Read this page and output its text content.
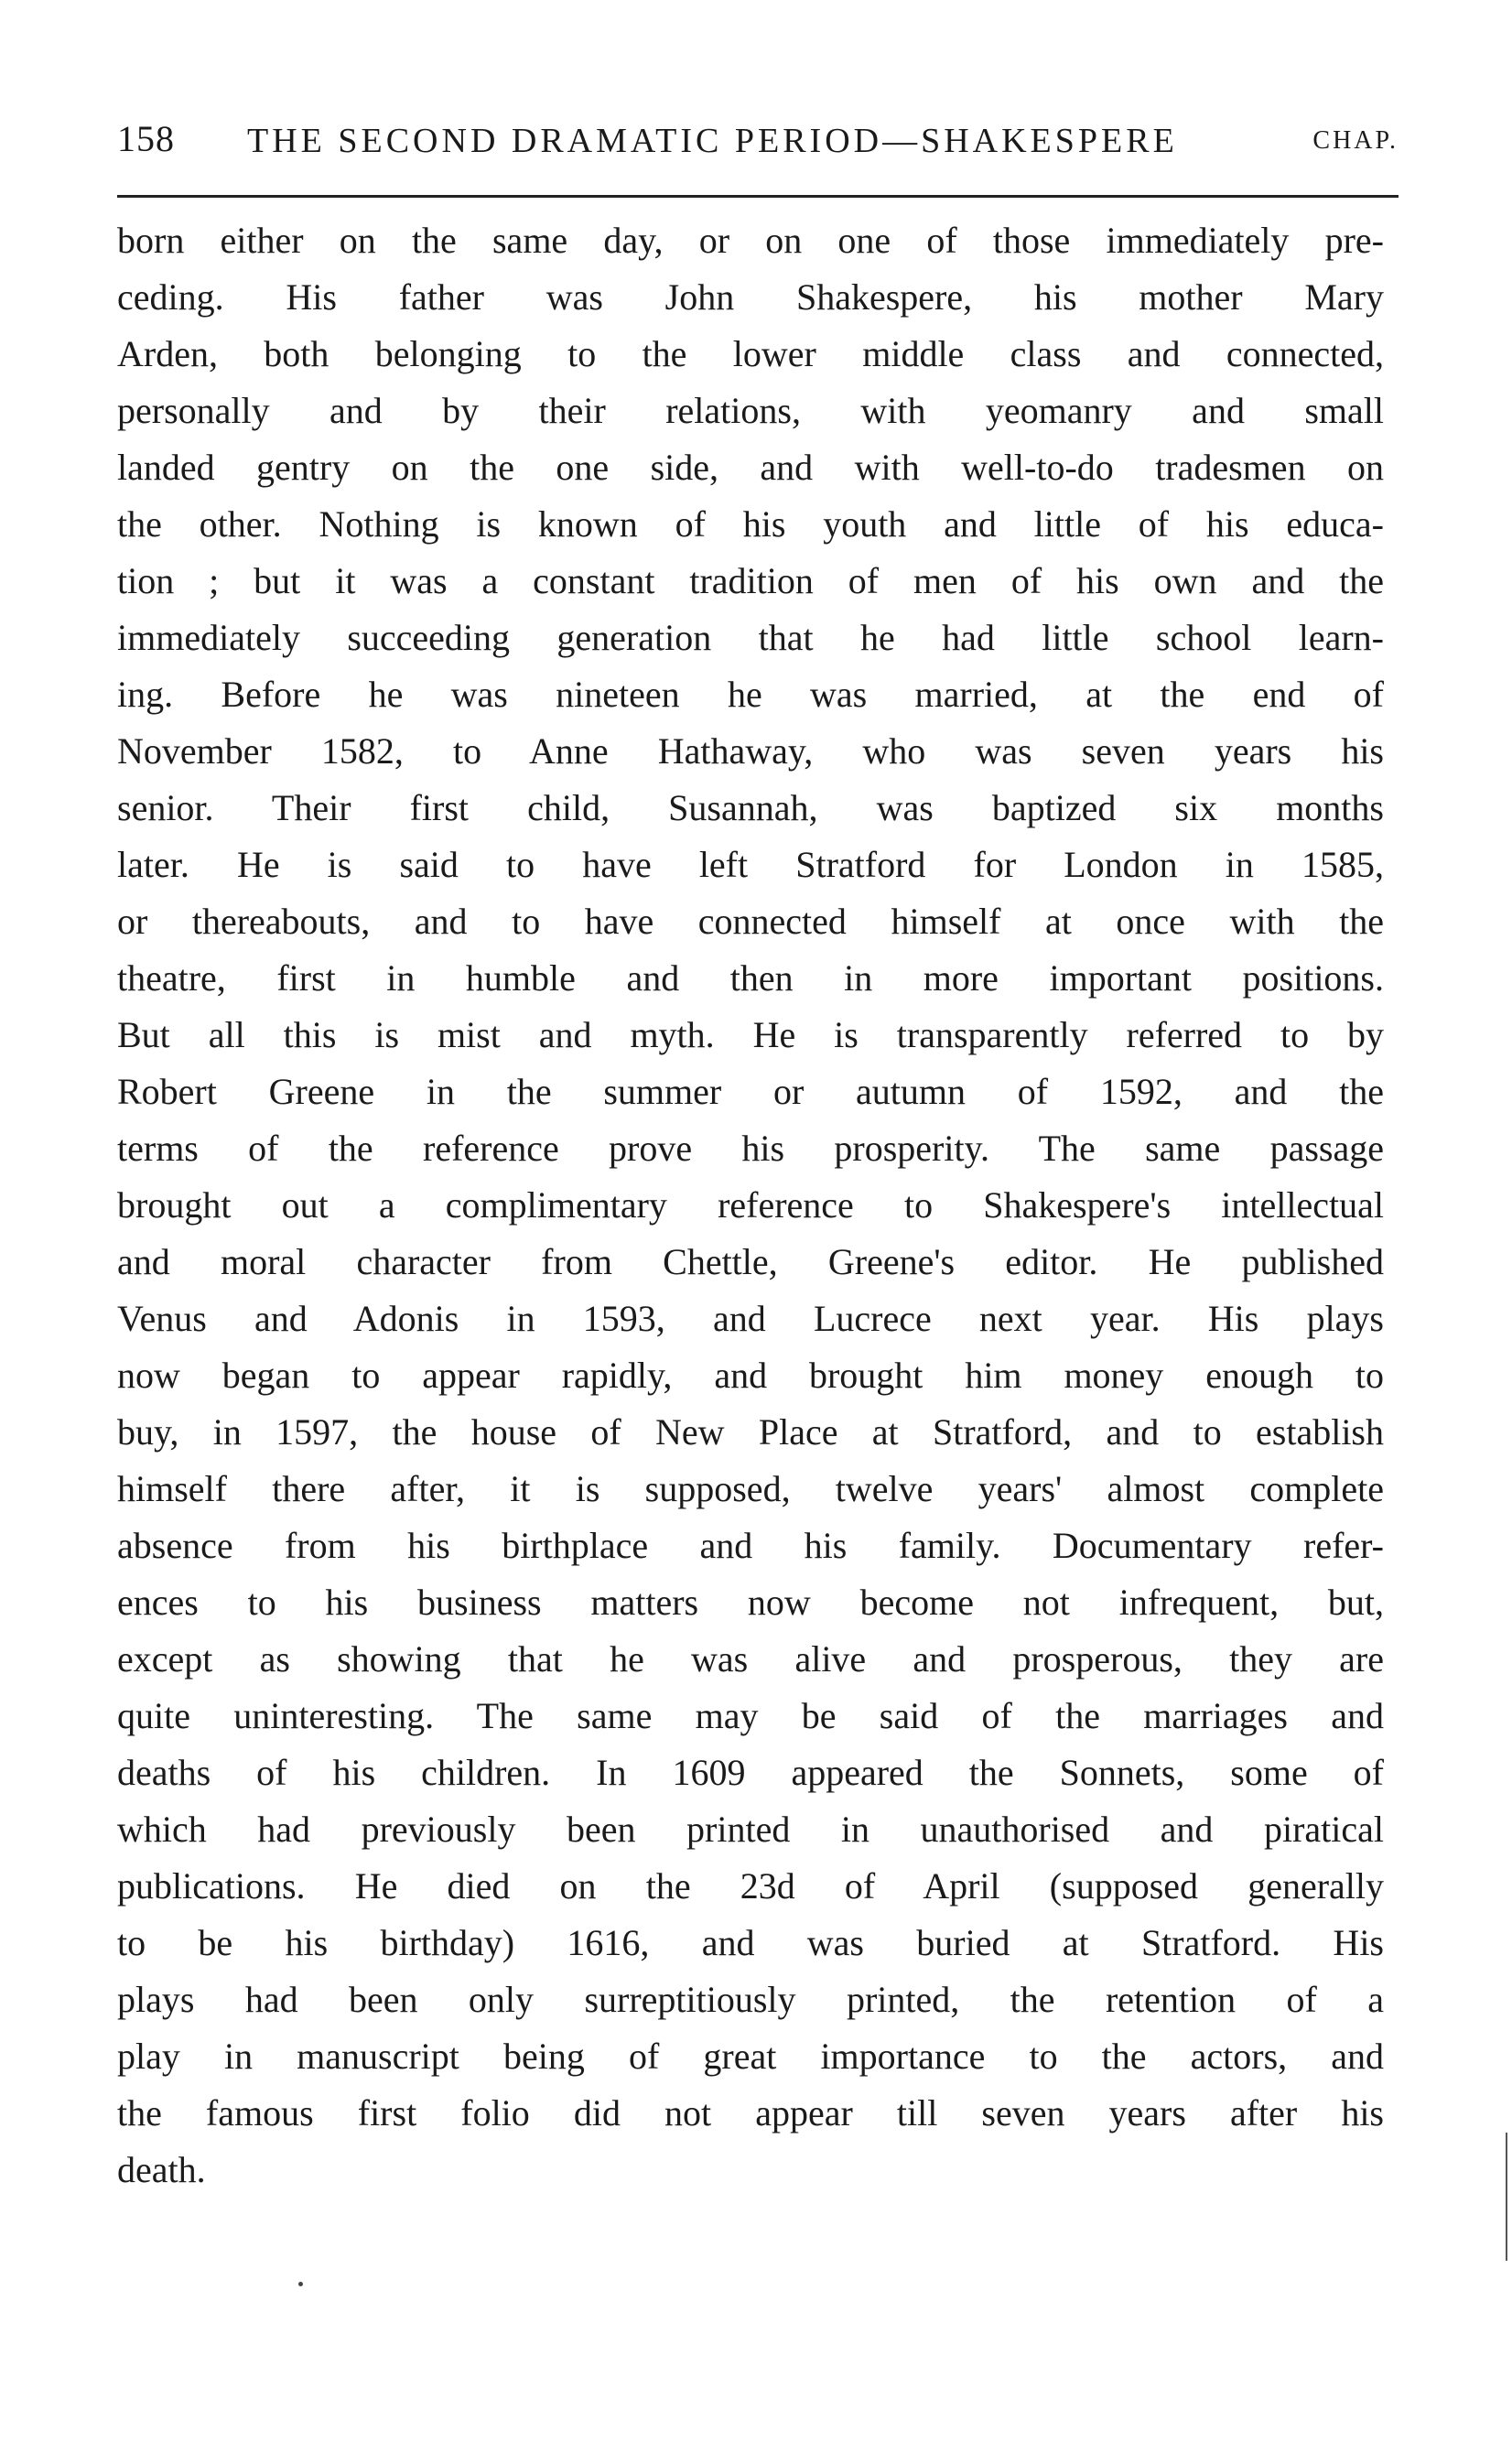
158 THE SECOND DRAMATIC PERIOD—SHAKESPERE	CHAP.
born either on the same day, or on one of those immediately pre-
ceding. His father was John Shakespere, his mother Mary
Arden, both belonging to the lower middle class and connected,
personally and by their relations, with yeomanry and small
landed gentry on the one side, and with well-to-do tradesmen on
the other. Nothing is known of his youth and little of his educa-
tion ; but it was a constant tradition of men of his own and the
immediately succeeding generation that he had little school learn-
ing. Before he was nineteen he was married, at the end of
November 1582, to Anne Hathaway, who was seven years his
senior. Their first child, Susannah, was baptized six months
later. He is said to have left Stratford for London in 1585,
or thereabouts, and to have connected himself at once with the
theatre, first in humble and then in more important positions.
But all this is mist and myth. He is transparently referred to by
Robert Greene in the summer or autumn of 1592, and the
terms of the reference prove his prosperity. The same passage
brought out a complimentary reference to Shakespere's intellectual
and moral character from Chettle, Greene's editor. He published
Venus and Adonis in 1593, and Lucrece next year. His plays
now began to appear rapidly, and brought him money enough to
buy, in 1597, the house of New Place at Stratford, and to establish
himself there after, it is supposed, twelve years' almost complete
absence from his birthplace and his family. Documentary refer-
ences to his business matters now become not infrequent, but,
except as showing that he was alive and prosperous, they are
quite uninteresting. The same may be said of the marriages and
deaths of his children. In 1609 appeared the Sonnets, some of
which had previously been printed in unauthorised and piratical
publications. He died on the 23d of April (supposed generally
to be his birthday) 1616, and was buried at Stratford. His
plays had been only surreptitiously printed, the retention of a
play in manuscript being of great importance to the actors, and
the famous first folio did not appear till seven years after his
death.
